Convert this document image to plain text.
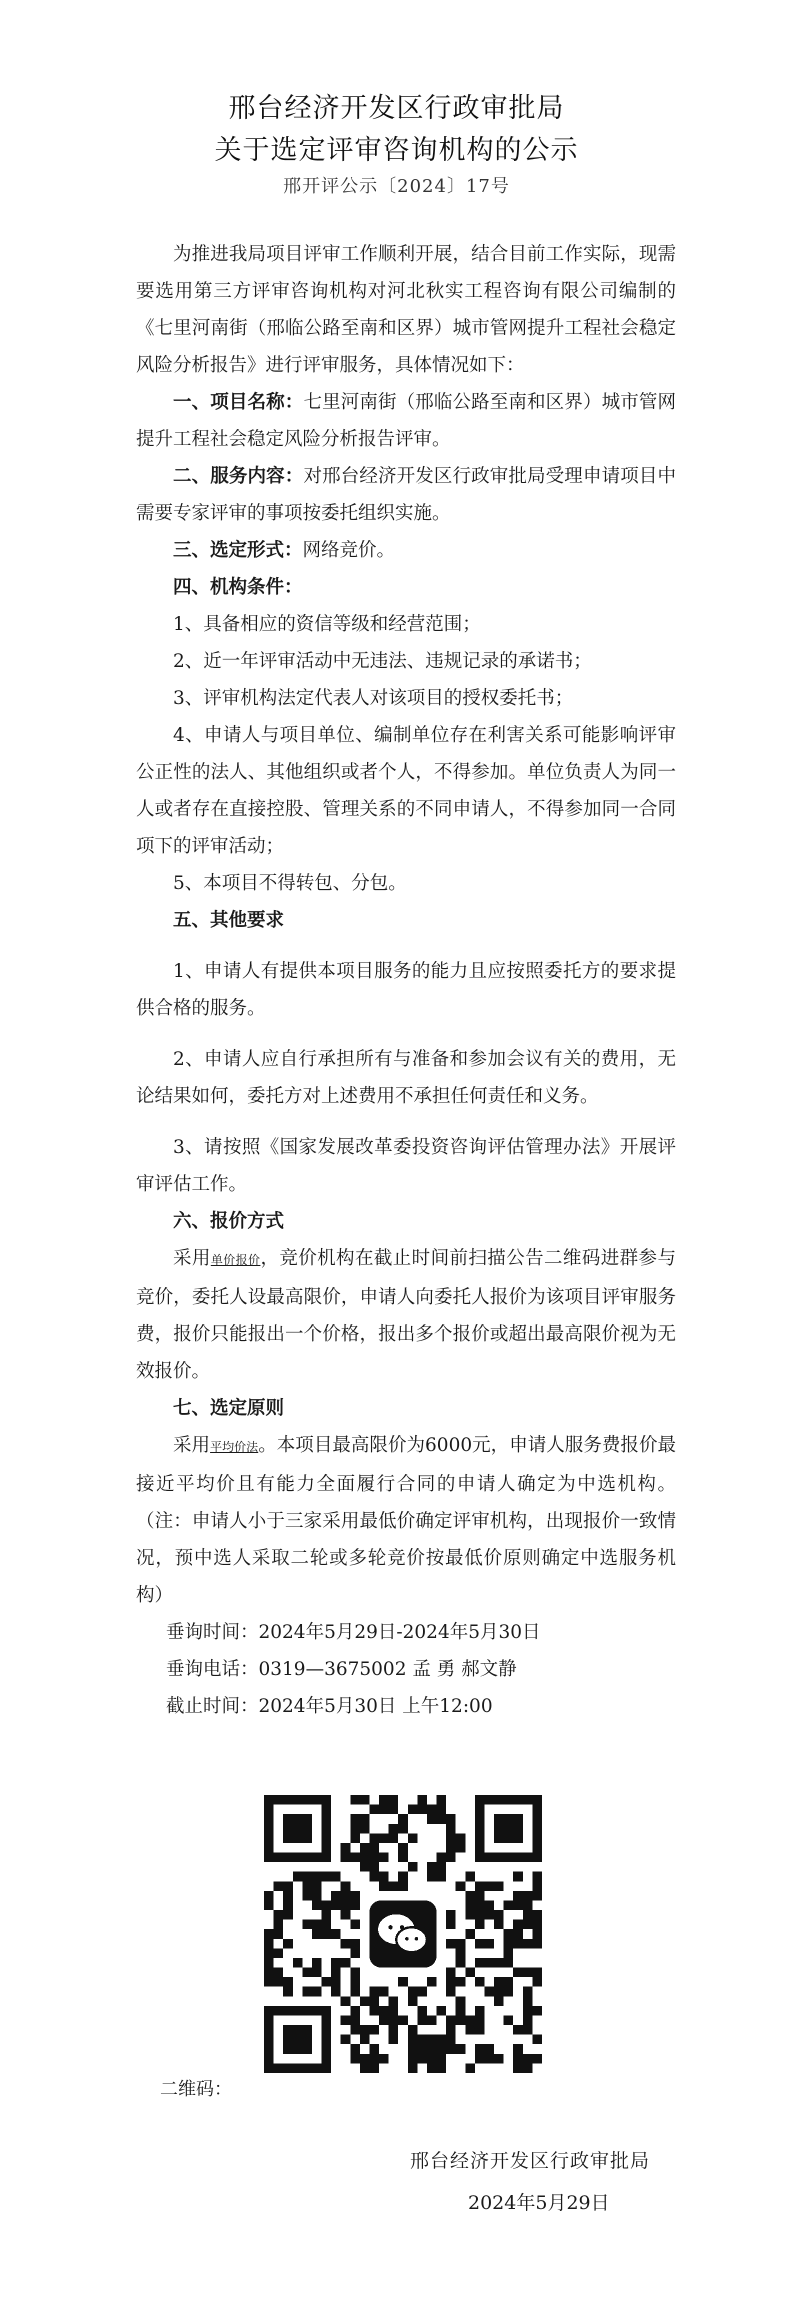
邢台经济开发区行政审批局
关于选定评审咨询机构的公示
邢开评公示〔2024〕17号

为推进我局项目评审工作顺利开展，结合目前工作实际，现需要选用第三方评审咨询机构对河北秋实工程咨询有限公司编制的《七里河南街（邢临公路至南和区界）城市管网提升工程社会稳定风险分析报告》进行评审服务，具体情况如下：

一、项目名称：七里河南街（邢临公路至南和区界）城市管网提升工程社会稳定风险分析报告评审。

二、服务内容：对邢台经济开发区行政审批局受理申请项目中需要专家评审的事项按委托组织实施。

三、选定形式：网络竞价。

四、机构条件：

1、具备相应的资信等级和经营范围；

2、近一年评审活动中无违法、违规记录的承诺书；

3、评审机构法定代表人对该项目的授权委托书；

4、申请人与项目单位、编制单位存在利害关系可能影响评审公正性的法人、其他组织或者个人，不得参加。单位负责人为同一人或者存在直接控股、管理关系的不同申请人，不得参加同一合同项下的评审活动；

5、本项目不得转包、分包。

五、其他要求

1、申请人有提供本项目服务的能力且应按照委托方的要求提供合格的服务。

2、申请人应自行承担所有与准备和参加会议有关的费用，无论结果如何，委托方对上述费用不承担任何责任和义务。

3、请按照《国家发展改革委投资咨询评估管理办法》开展评审评估工作。

六、报价方式

采用单价报价，竞价机构在截止时间前扫描公告二维码进群参与竞价，委托人设最高限价，申请人向委托人报价为该项目评审服务费，报价只能报出一个价格，报出多个报价或超出最高限价视为无效报价。

七、选定原则

采用平均价法。本项目最高限价为6000元，申请人服务费报价最接近平均价且有能力全面履行合同的申请人确定为中选机构。（注：申请人小于三家采用最低价确定评审机构，出现报价一致情况，预中选人采取二轮或多轮竞价按最低价原则确定中选服务机构）

垂询时间：2024年5月29日-2024年5月30日

垂询电话：0319—3675002 孟 勇 郝文静

截止时间：2024年5月30日 上午12:00

二维码：
邢台经济开发区行政审批局
2024年5月29日
